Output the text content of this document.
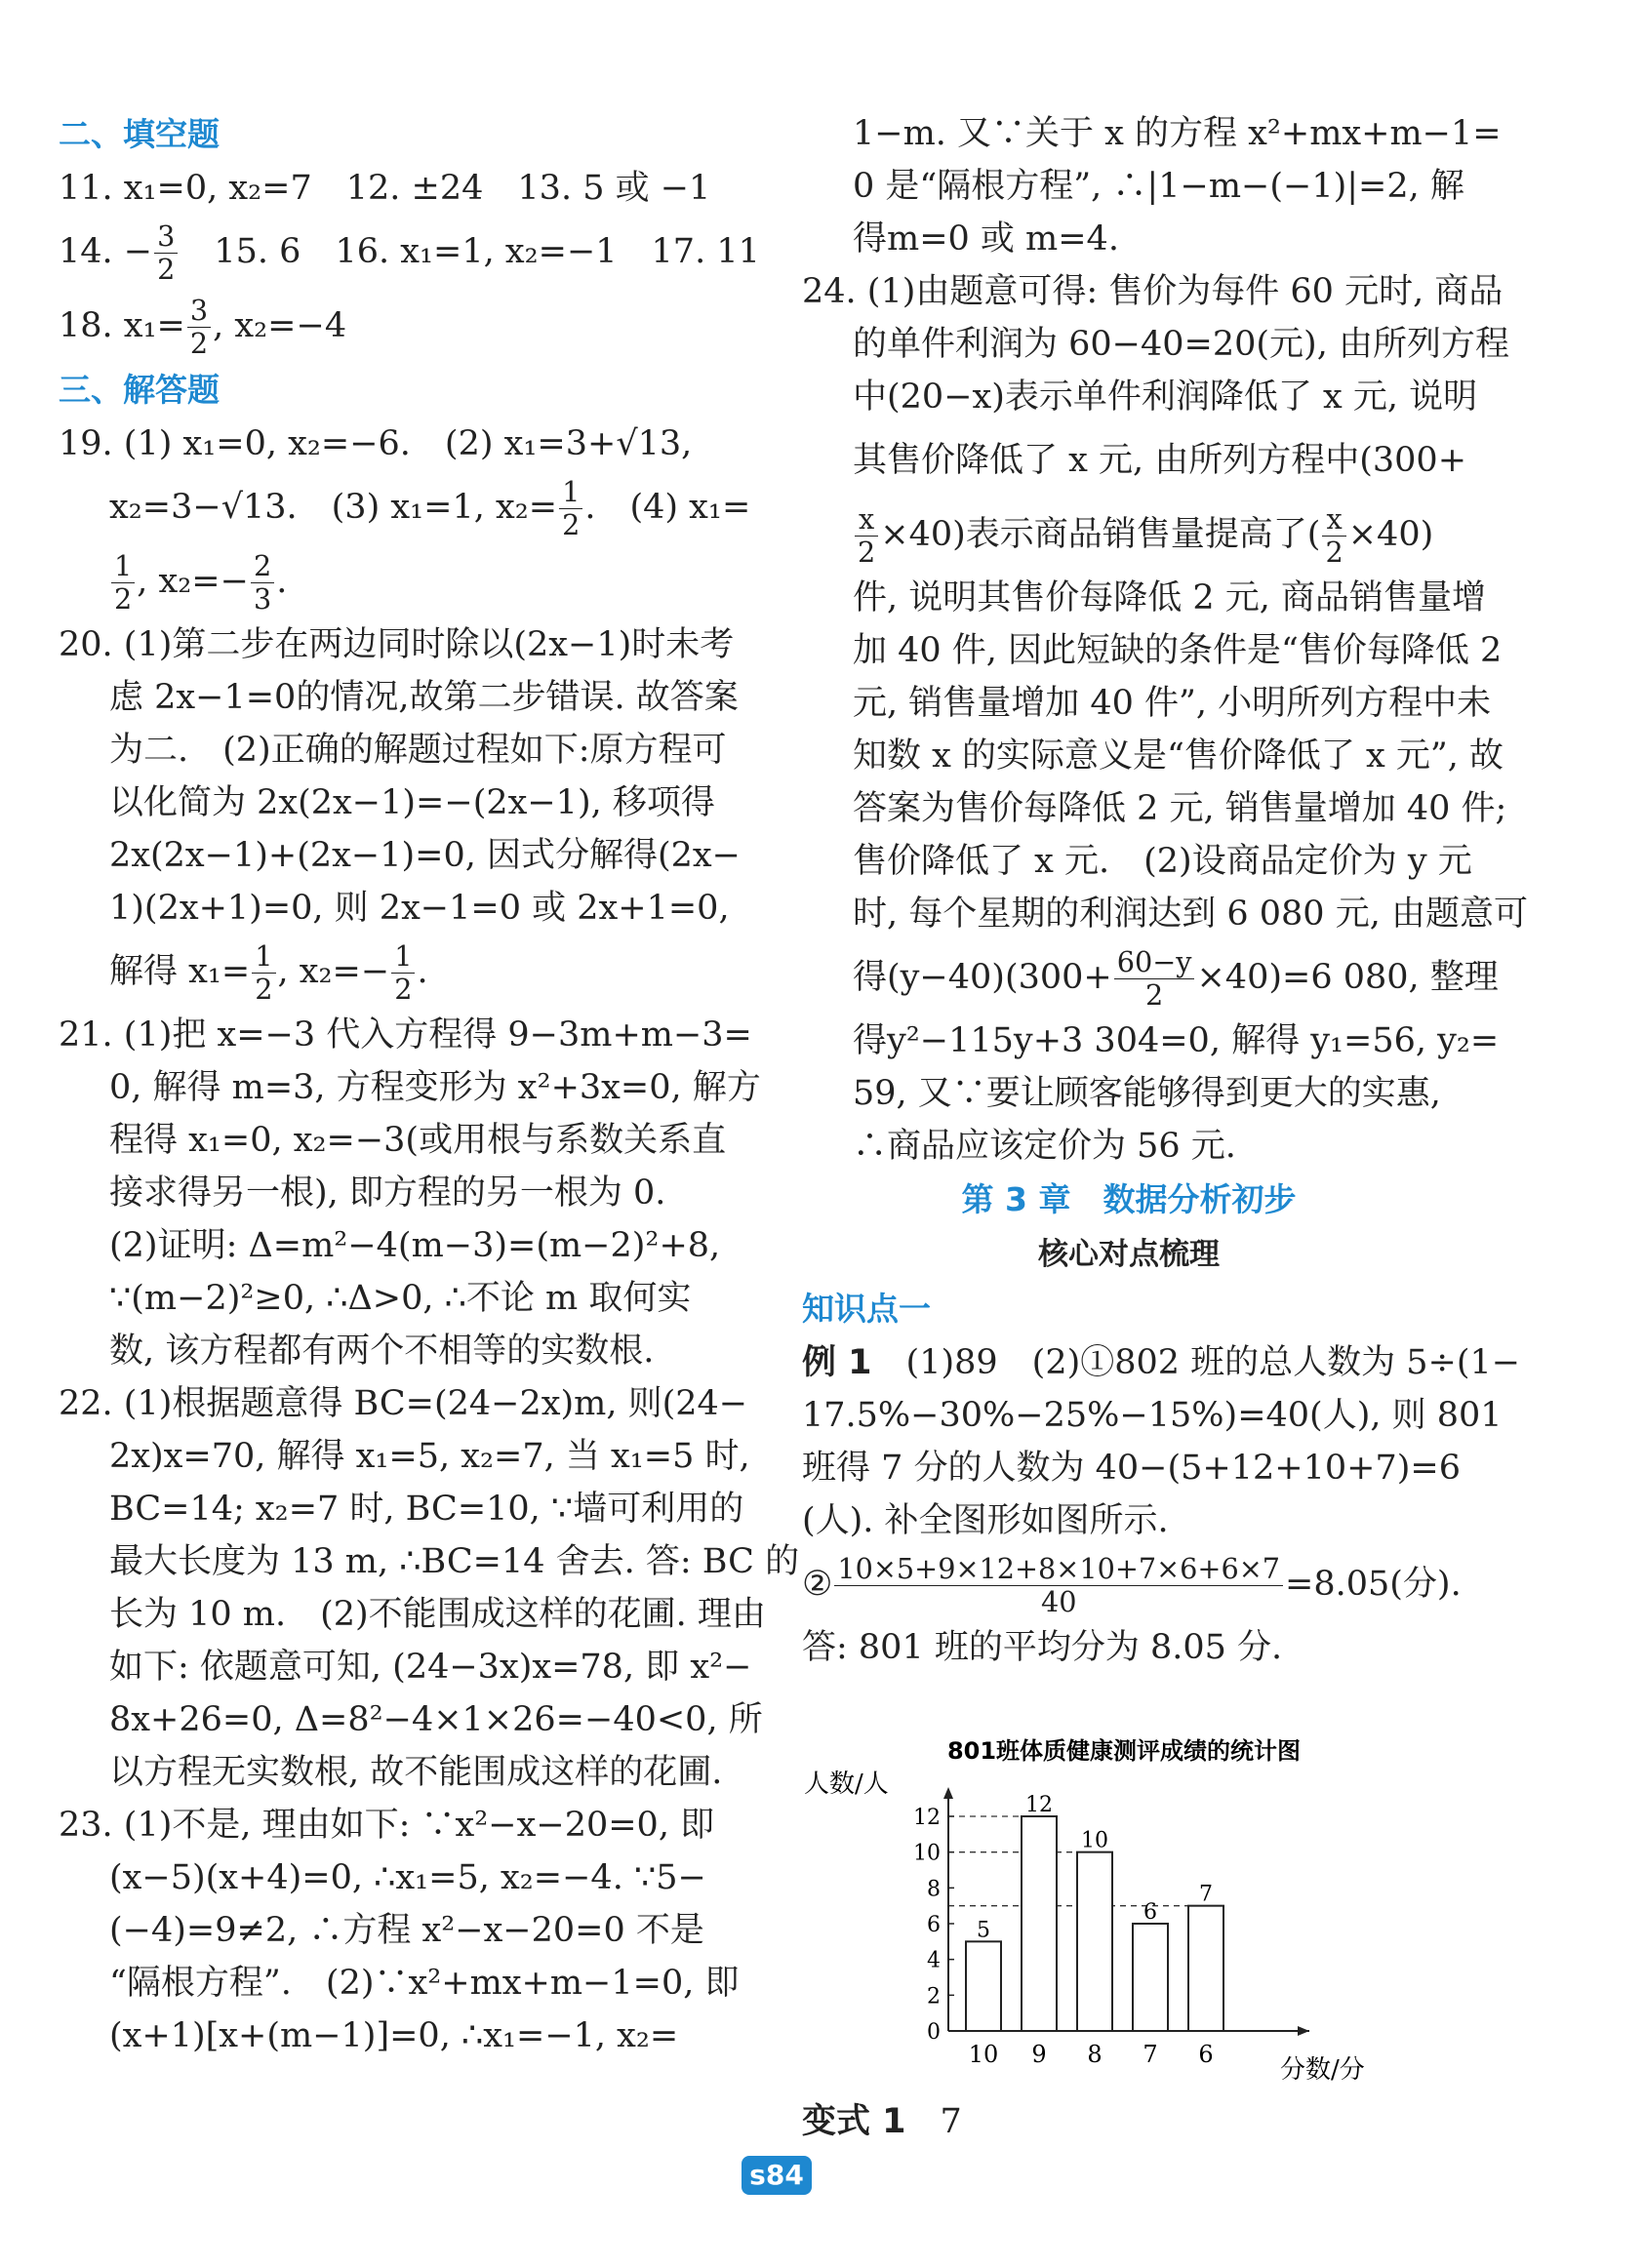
二、填空题
11. x₁=0, x₂=7　12. ±24　13. 5 或 −1
14. − $\frac{3}{2}$ 　15. 6　16. x₁=1, x₂=−1　17. 11
18. $x_1= \frac{3}{2}$ , x₂=−4
三、解答题
19. (1) x₁=0, x₂=−6.　(2) x₁=3+√13,
x₂=3−√13.　(3) x₁=1, $x_2= \frac{1}{2}$ .　(4) x₁=
$\frac{1}{2}$ , $x_2=- \frac{2}{3}$ .
20. (1)第二步在两边同时除以(2x−1)时未考
虑 2x−1=0的情况,故第二步错误. 故答案
为二.　(2)正确的解题过程如下:原方程可
以化简为 2x(2x−1)=−(2x−1), 移项得
2x(2x−1)+(2x−1)=0, 因式分解得(2x−
1)(2x+1)=0, 则 2x−1=0 或 2x+1=0,
解得 $x_1= \frac{1}{2}$ , $x_2=- \frac{1}{2}$ .
21. (1)把 x=−3 代入方程得 9−3m+m−3=
0, 解得 m=3, 方程变形为 x²+3x=0, 解方
程得 x₁=0, x₂=−3(或用根与系数关系直
接求得另一根), 即方程的另一根为 0.
(2)证明: Δ=m²−4(m−3)=(m−2)²+8,
∵(m−2)²≥0, ∴Δ>0, ∴不论 m 取何实
数, 该方程都有两个不相等的实数根.
22. (1)根据题意得 BC=(24−2x)m, 则(24−
2x)x=70, 解得 x₁=5, x₂=7, 当 x₁=5 时,
BC=14; x₂=7 时, BC=10, ∵墙可利用的
最大长度为 13 m, ∴BC=14 舍去. 答: BC 的
长为 10 m.　(2)不能围成这样的花圃. 理由
如下: 依题意可知, (24−3x)x=78, 即 x²−
8x+26=0, Δ=8²−4×1×26=−40<0, 所
以方程无实数根, 故不能围成这样的花圃.
23. (1)不是, 理由如下: ∵x²−x−20=0, 即
(x−5)(x+4)=0, ∴x₁=5, x₂=−4. ∵5−
(−4)=9≠2, ∴方程 x²−x−20=0 不是
“隔根方程”.　(2)∵x²+mx+m−1=0, 即
(x+1)[x+(m−1)]=0, ∴x₁=−1, x₂=
1−m. 又∵关于 x 的方程 x²+mx+m−1=
0 是“隔根方程”, ∴|1−m−(−1)|=2, 解
得m=0 或 m=4.
24. (1)由题意可得: 售价为每件 60 元时, 商品
的单件利润为 60−40=20(元), 由所列方程
中(20−x)表示单件利润降低了 x 元, 说明
其售价降低了 x 元, 由所列方程中(300+
$\frac{x}{2} \times 40$)表示商品销售量提高了( $\frac{x}{2} \times 40$)
件, 说明其售价每降低 2 元, 商品销售量增
加 40 件, 因此短缺的条件是“售价每降低 2
元, 销售量增加 40 件”, 小明所列方程中未
知数 x 的实际意义是“售价降低了 x 元”, 故
答案为售价每降低 2 元, 销售量增加 40 件;
售价降低了 x 元.　(2)设商品定价为 y 元
时, 每个星期的利润达到 6 080 元, 由题意可
得$(y-40)(300+ \frac{60-y}{2} \times 40)=6$ 080, 整理
得y²−115y+3 304=0, 解得 y₁=56, y₂=
59, 又∵要让顾客能够得到更大的实惠,
∴商品应该定价为 56 元.
第 3 章　数据分析初步
核心对点梳理
知识点一
例 1　(1)89　(2)①802 班的总人数为 5÷(1−
17.5%−30%−25%−15%)=40(人), 则 801
班得 7 分的人数为 40−(5+12+10+7)=6
(人). 补全图形如图所示.
② $\frac{10\times 5+9\times 12+8\times 10+7\times 6+6\times 7}{40} =8.05$(分).
答: 801 班的平均分为 8.05 分.
801班体质健康测评成绩的统计图
人数/人
分数/分
0
2
4
6
8
10
12
5
10
12
9
10
8
6
7
7
6
变式 1　7
s84
